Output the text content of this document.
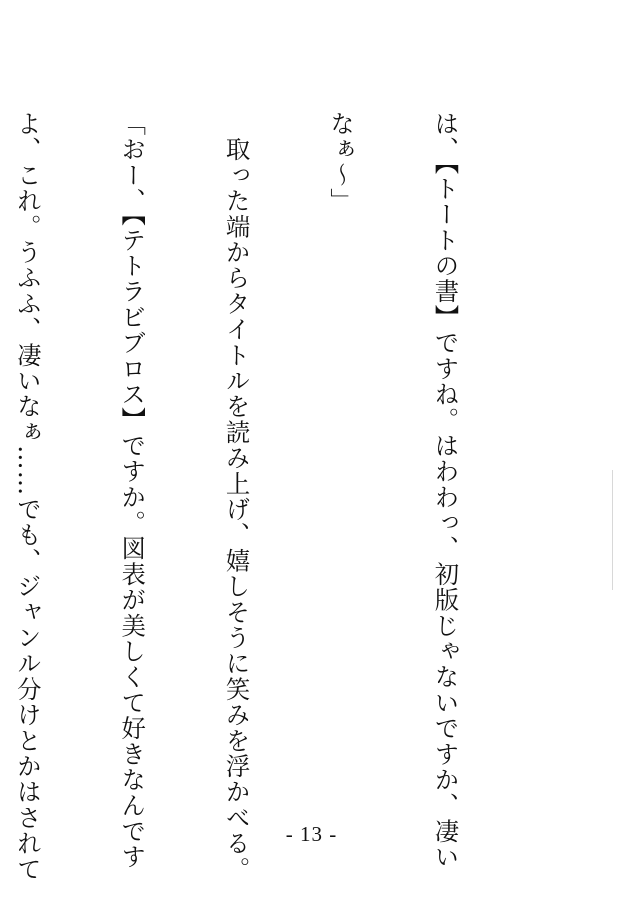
は、【トートの書】ですね。はわわっ、初版じゃないですか、凄い

なぁ～」

　取った端からタイトルを読み上げ、嬉しそうに笑みを浮かべる。

「おー、【テトラビブロス】ですか。図表が美しくて好きなんです

よ、これ。うふふ、凄いなぁ……でも、ジャンル分けとかはされて

	- 13 -
